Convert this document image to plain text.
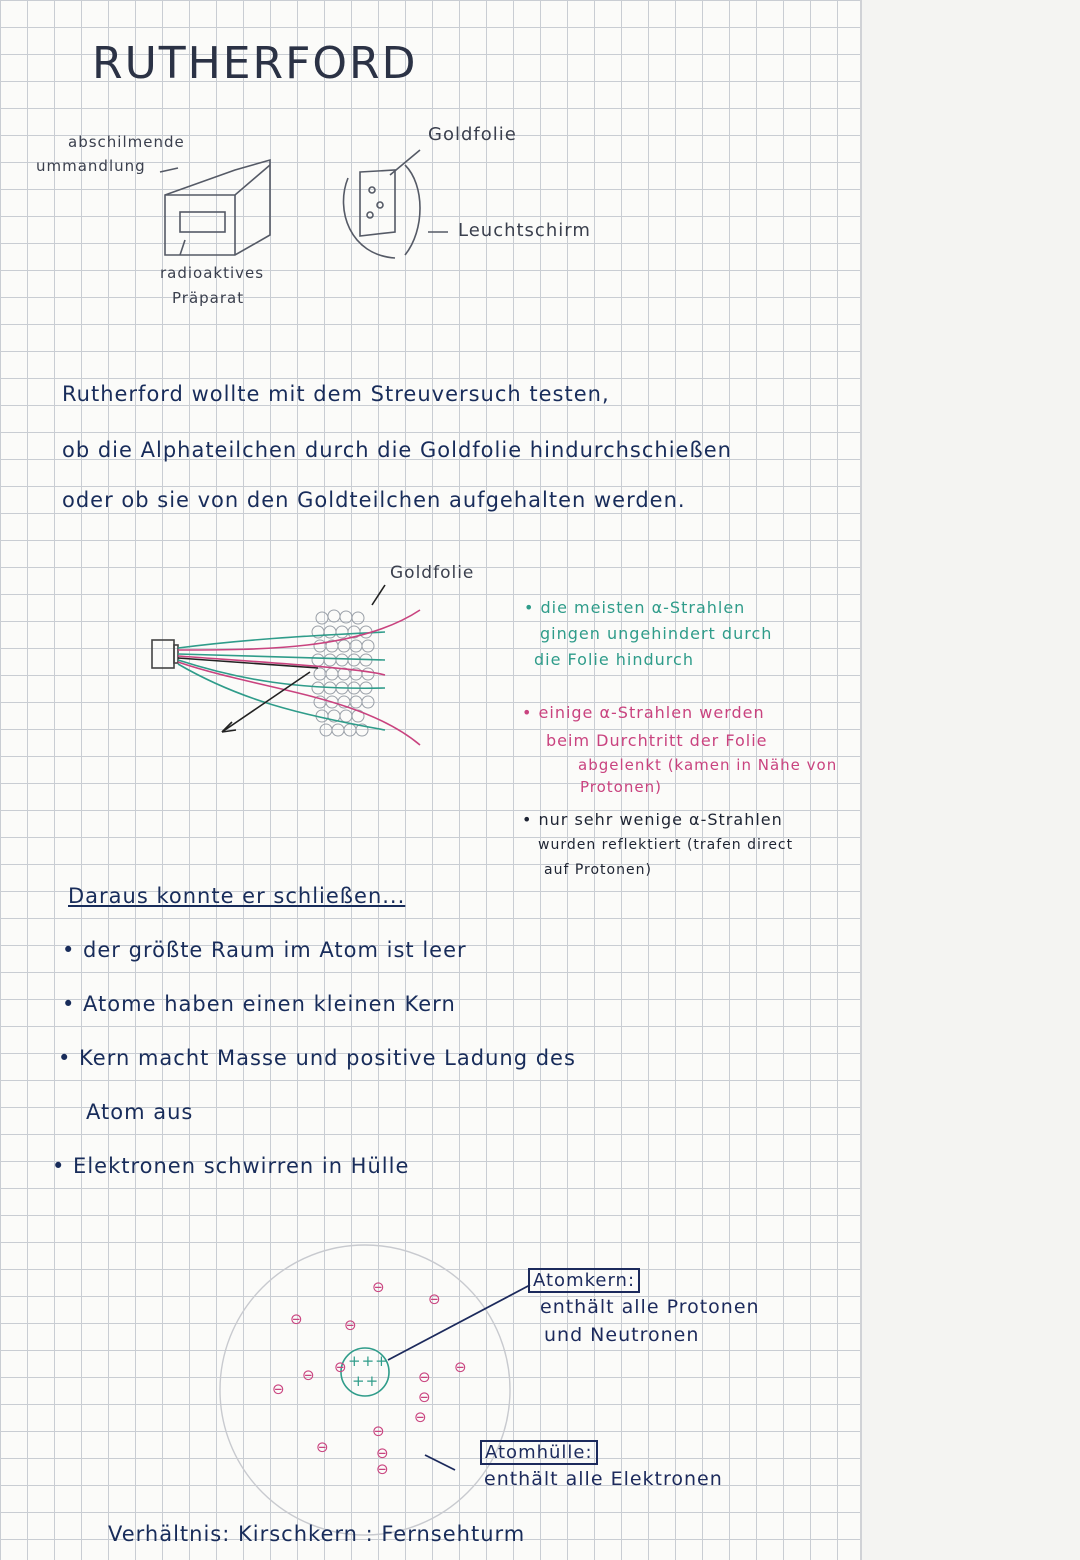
RUTHERFORD
abschilmende
ummandlung
Goldfolie
Leuchtschirm
radioaktives
Präparat
Rutherford wollte mit dem Streuversuch testen,
ob die Alphateilchen durch die Goldfolie hindurchschießen
oder ob sie von den Goldteilchen aufgehalten werden.
Goldfolie
• die meisten α-Strahlen
gingen ungehindert durch
die Folie hindurch
• einige α-Strahlen werden
beim Durchtritt der Folie
abgelenkt (kamen in Nähe von
Protonen)
• nur sehr wenige α-Strahlen
wurden reflektiert (trafen direct
auf Protonen)
Daraus konnte er schließen...
• der größte Raum im Atom ist leer
• Atome haben einen kleinen Kern
• Kern macht Masse und positive Ladung des
Atom aus
• Elektronen schwirren in Hülle
+++
++
⊖
⊖
⊖	⊖
⊖
⊖	⊖
⊖
⊖	⊖
⊖
⊖
⊖	⊖
⊖
Atomkern:
enthält alle Protonen
und Neutronen
Atomhülle:
enthält alle Elektronen
Verhältnis: Kirschkern : Fernsehturm
